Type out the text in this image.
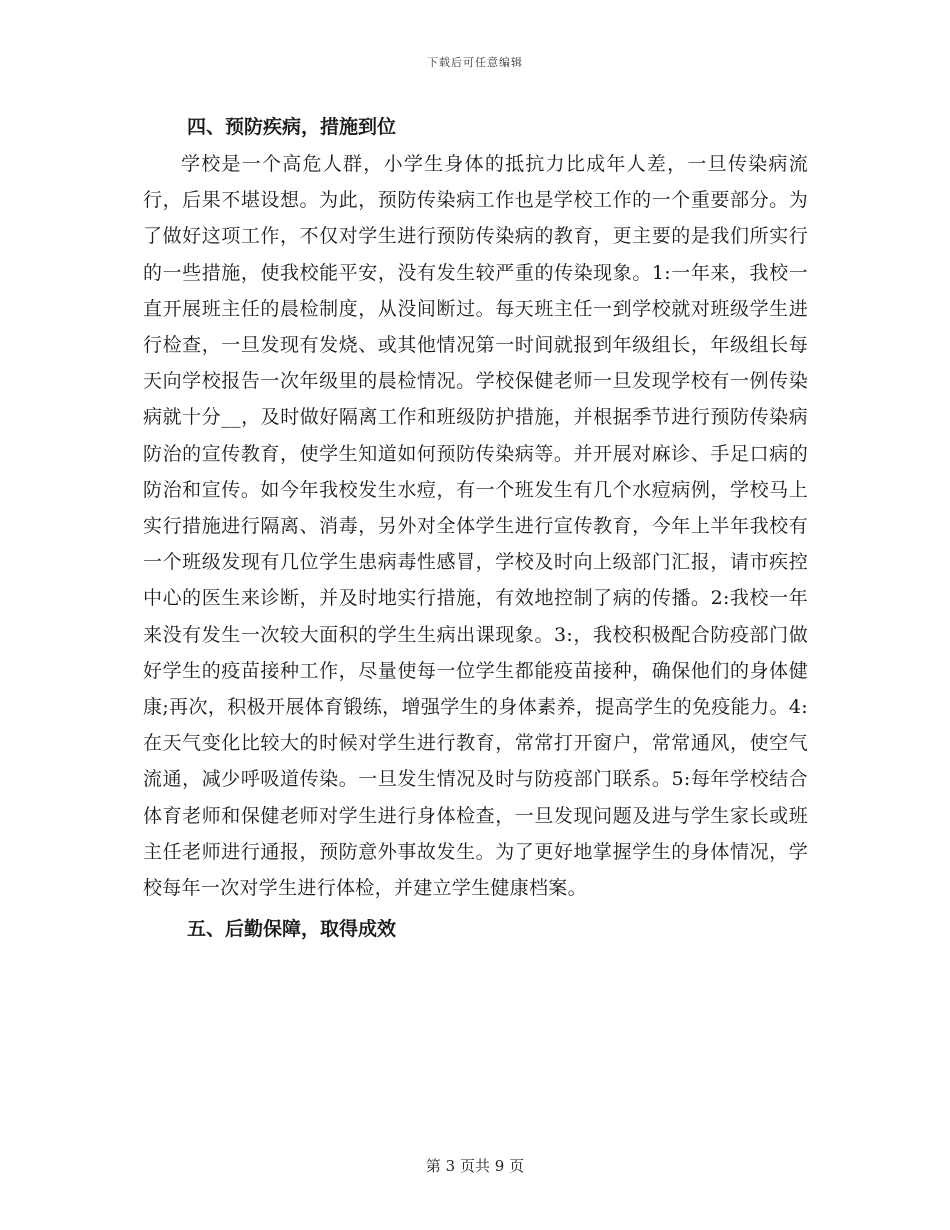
下载后可任意编辑
四、预防疾病，措施到位

学校是一个高危人群，小学生身体的抵抗力比成年人差，一旦传染病流行，后果不堪设想。为此，预防传染病工作也是学校工作的一个重要部分。为了做好这项工作，不仅对学生进行预防传染病的教育，更主要的是我们所实行的一些措施，使我校能平安，没有发生较严重的传染现象。1:一年来，我校一直开展班主任的晨检制度，从没间断过。每天班主任一到学校就对班级学生进行检查，一旦发现有发烧、或其他情况第一时间就报到年级组长，年级组长每天向学校报告一次年级里的晨检情况。学校保健老师一旦发现学校有一例传染病就十分__，及时做好隔离工作和班级防护措施，并根据季节进行预防传染病防治的宣传教育，使学生知道如何预防传染病等。并开展对麻诊、手足口病的防治和宣传。如今年我校发生水痘，有一个班发生有几个水痘病例，学校马上实行措施进行隔离、消毒，另外对全体学生进行宣传教育，今年上半年我校有一个班级发现有几位学生患病毒性感冒，学校及时向上级部门汇报，请市疾控中心的医生来诊断，并及时地实行措施，有效地控制了病的传播。2:我校一年来没有发生一次较大面积的学生生病出课现象。3:，我校积极配合防疫部门做好学生的疫苗接种工作，尽量使每一位学生都能疫苗接种，确保他们的身体健康;再次，积极开展体育锻练，增强学生的身体素养，提高学生的免疫能力。4:在天气变化比较大的时候对学生进行教育，常常打开窗户，常常通风，使空气流通，减少呼吸道传染。一旦发生情况及时与防疫部门联系。5:每年学校结合体育老师和保健老师对学生进行身体检查，一旦发现问题及进与学生家长或班主任老师进行通报，预防意外事故发生。为了更好地掌握学生的身体情况，学校每年一次对学生进行体检，并建立学生健康档案。

五、后勤保障，取得成效
第 3 页共 9 页
